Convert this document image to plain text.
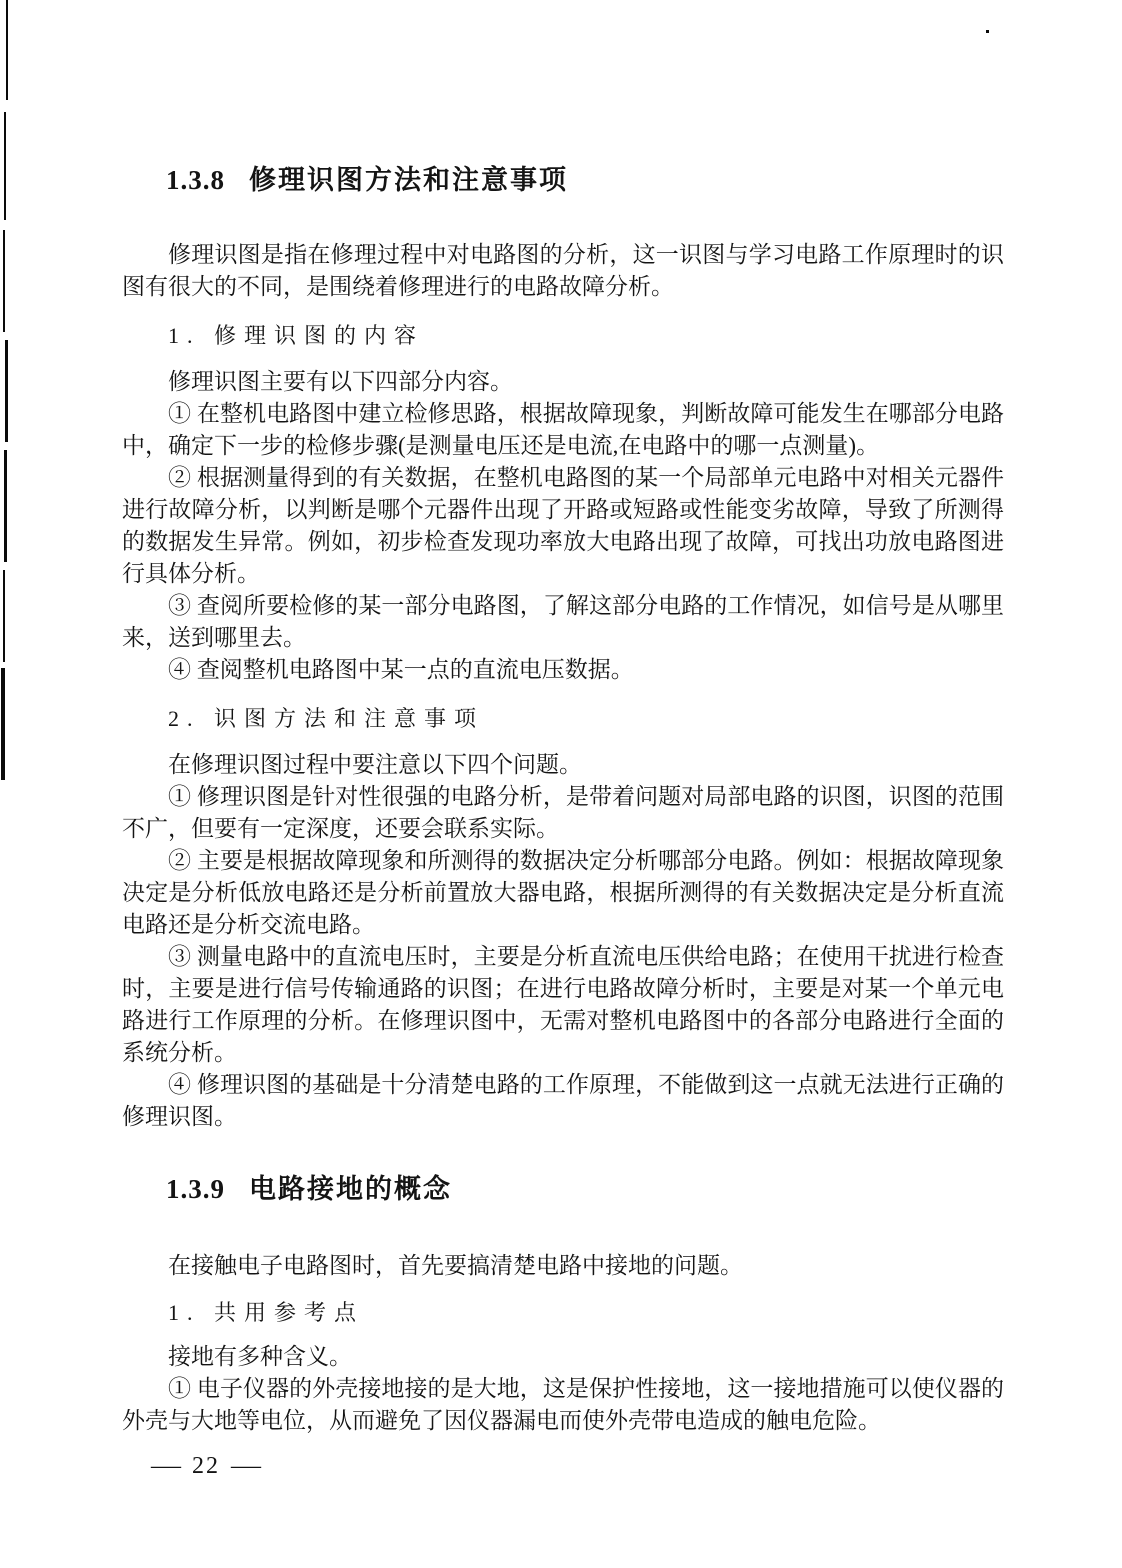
1.3.8 修理识图方法和注意事项

修理识图是指在修理过程中对电路图的分析，这一识图与学习电路工作原理时的识图有很大的不同，是围绕着修理进行的电路故障分析。

1. 修理识图的内容

修理识图主要有以下四部分内容。

① 在整机电路图中建立检修思路，根据故障现象，判断故障可能发生在哪部分电路中，确定下一步的检修步骤(是测量电压还是电流,在电路中的哪一点测量)。

② 根据测量得到的有关数据，在整机电路图的某一个局部单元电路中对相关元器件进行故障分析，以判断是哪个元器件出现了开路或短路或性能变劣故障，导致了所测得的数据发生异常。例如，初步检查发现功率放大电路出现了故障，可找出功放电路图进行具体分析。

③ 查阅所要检修的某一部分电路图，了解这部分电路的工作情况，如信号是从哪里来，送到哪里去。

④ 查阅整机电路图中某一点的直流电压数据。

2. 识图方法和注意事项

在修理识图过程中要注意以下四个问题。

① 修理识图是针对性很强的电路分析，是带着问题对局部电路的识图，识图的范围不广，但要有一定深度，还要会联系实际。

② 主要是根据故障现象和所测得的数据决定分析哪部分电路。例如：根据故障现象决定是分析低放电路还是分析前置放大器电路，根据所测得的有关数据决定是分析直流电路还是分析交流电路。

③ 测量电路中的直流电压时，主要是分析直流电压供给电路；在使用干扰进行检查时，主要是进行信号传输通路的识图；在进行电路故障分析时，主要是对某一个单元电路进行工作原理的分析。在修理识图中，无需对整机电路图中的各部分电路进行全面的系统分析。

④ 修理识图的基础是十分清楚电路的工作原理，不能做到这一点就无法进行正确的修理识图。

1.3.9 电路接地的概念

在接触电子电路图时，首先要搞清楚电路中接地的问题。

1. 共用参考点

接地有多种含义。

① 电子仪器的外壳接地接的是大地，这是保护性接地，这一接地措施可以使仪器的外壳与大地等电位，从而避免了因仪器漏电而使外壳带电造成的触电危险。

— 22 —
